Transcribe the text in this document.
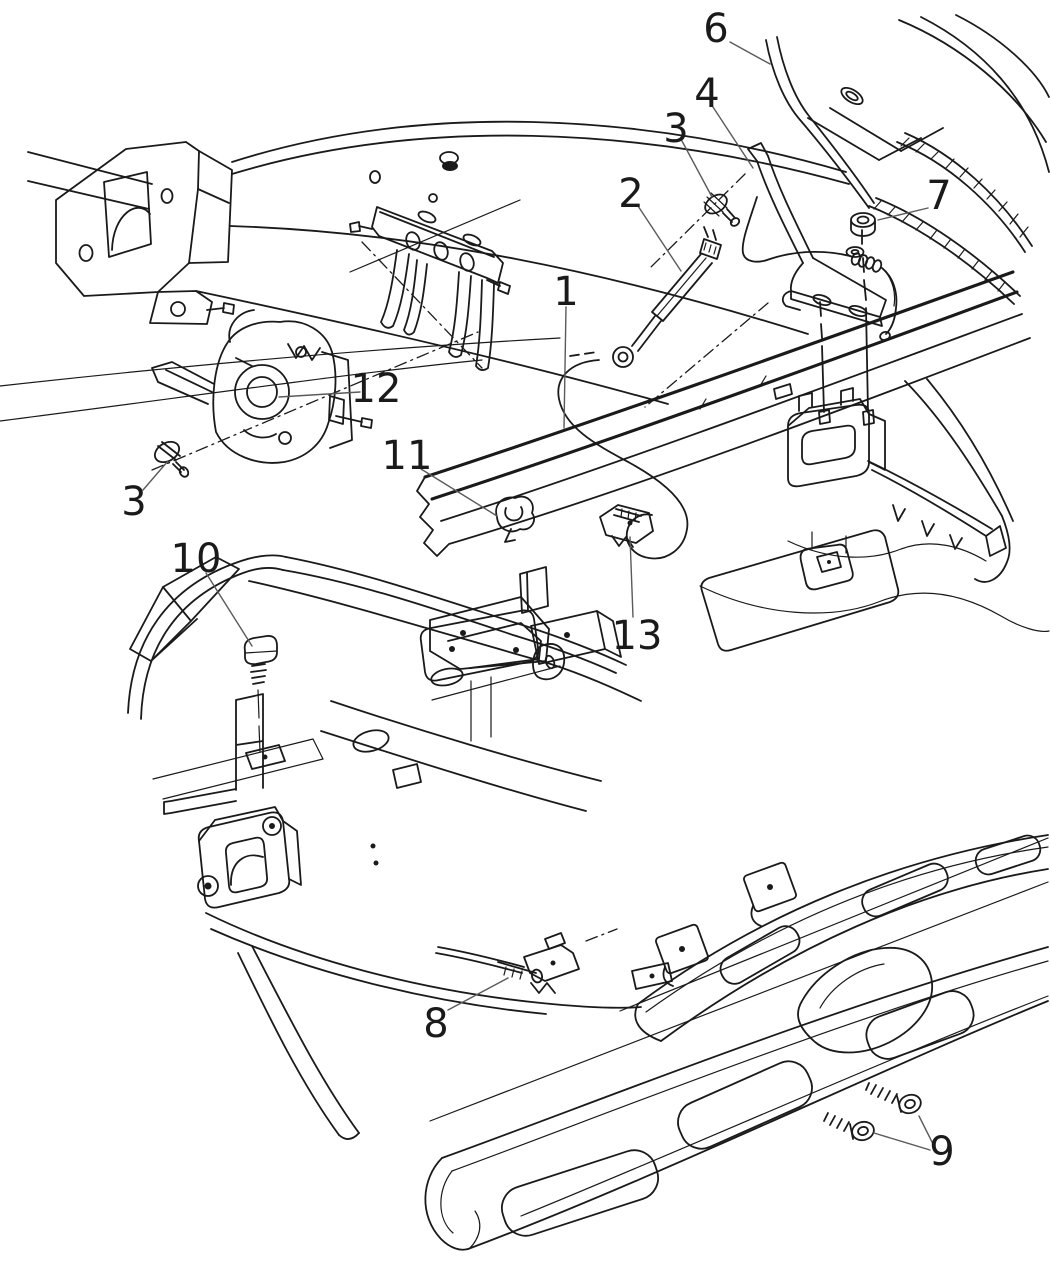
1
2
3
4
6
7
12
3
11
10
13
8
9
